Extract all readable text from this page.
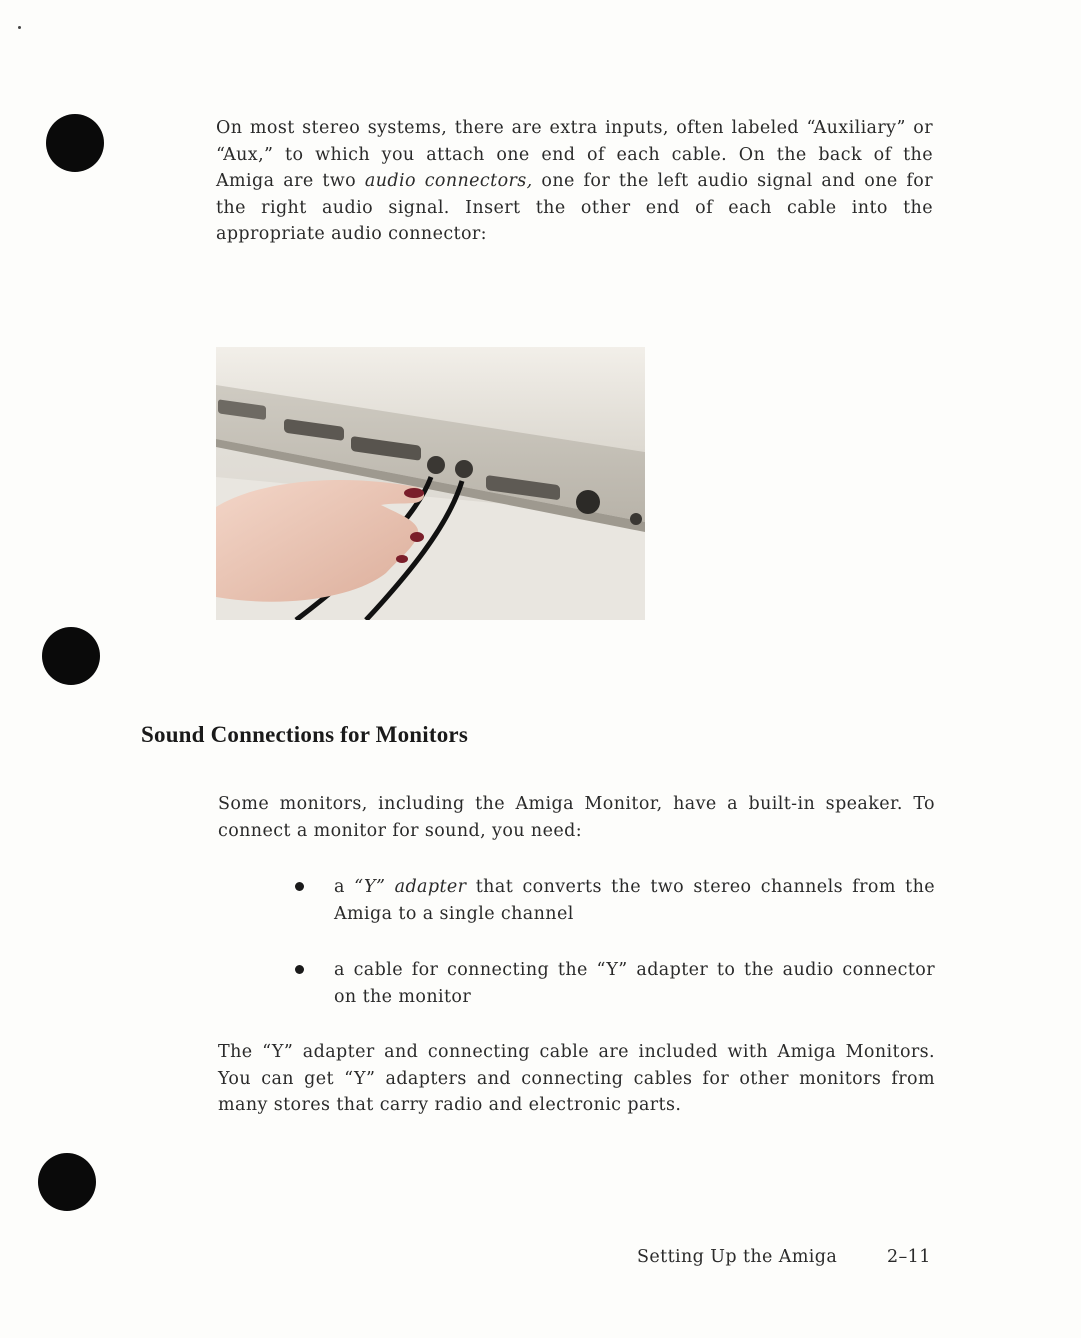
On most stereo systems, there are extra inputs, often labeled “Auxiliary” or
“Aux,” to which you attach one end of each cable. On the back of the
Amiga are two audio connectors, one for the left audio signal and one for
the right audio signal. Insert the other end of each cable into the
appropriate audio connector:
Sound Connections for Monitors
Some monitors, including the Amiga Monitor, have a built-in speaker. To
connect a monitor for sound, you need:
a “Y” adapter that converts the two stereo channels from the
Amiga to a single channel
a cable for connecting the “Y” adapter to the audio connector
on the monitor
The “Y” adapter and connecting cable are included with Amiga Monitors.
You can get “Y” adapters and connecting cables for other monitors from
many stores that carry radio and electronic parts.
Setting Up the Amiga	2–11
